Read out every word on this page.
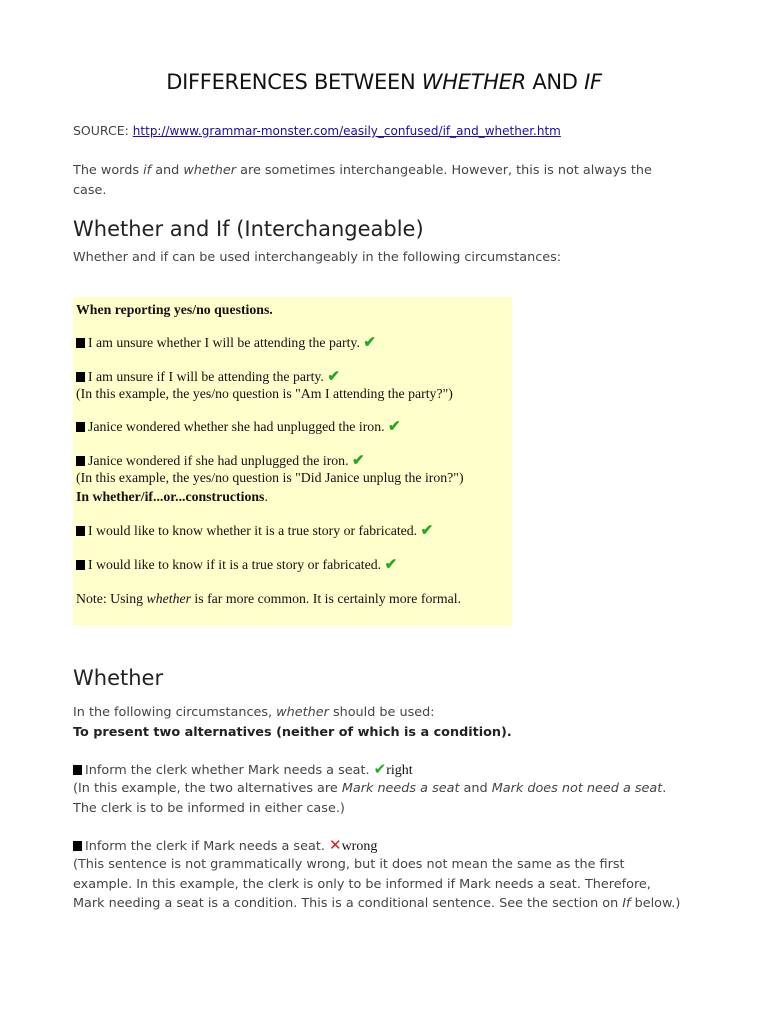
DIFFERENCES BETWEEN WHETHER AND IF
SOURCE: http://www.grammar-monster.com/easily_confused/if_and_whether.htm
The words if and whether are sometimes interchangeable. However, this is not always the case.
Whether and If (Interchangeable)
Whether and if can be used interchangeably in the following circumstances:
When reporting yes/no questions.
I am unsure whether I will be attending the party. ✔
I am unsure if I will be attending the party. ✔
(In this example, the yes/no question is "Am I attending the party?")
Janice wondered whether she had unplugged the iron. ✔
Janice wondered if she had unplugged the iron. ✔
(In this example, the yes/no question is "Did Janice unplug the iron?")
In whether/if...or...constructions.
I would like to know whether it is a true story or fabricated. ✔
I would like to know if it is a true story or fabricated. ✔
Note: Using whether is far more common. It is certainly more formal.
Whether
In the following circumstances, whether should be used:
To present two alternatives (neither of which is a condition).
Inform the clerk whether Mark needs a seat. ✔right
(In this example, the two alternatives are Mark needs a seat and Mark does not need a seat. The clerk is to be informed in either case.)
Inform the clerk if Mark needs a seat. ✕wrong
(This sentence is not grammatically wrong, but it does not mean the same as the first example. In this example, the clerk is only to be informed if Mark needs a seat. Therefore, Mark needing a seat is a condition. This is a conditional sentence. See the section on If below.)
